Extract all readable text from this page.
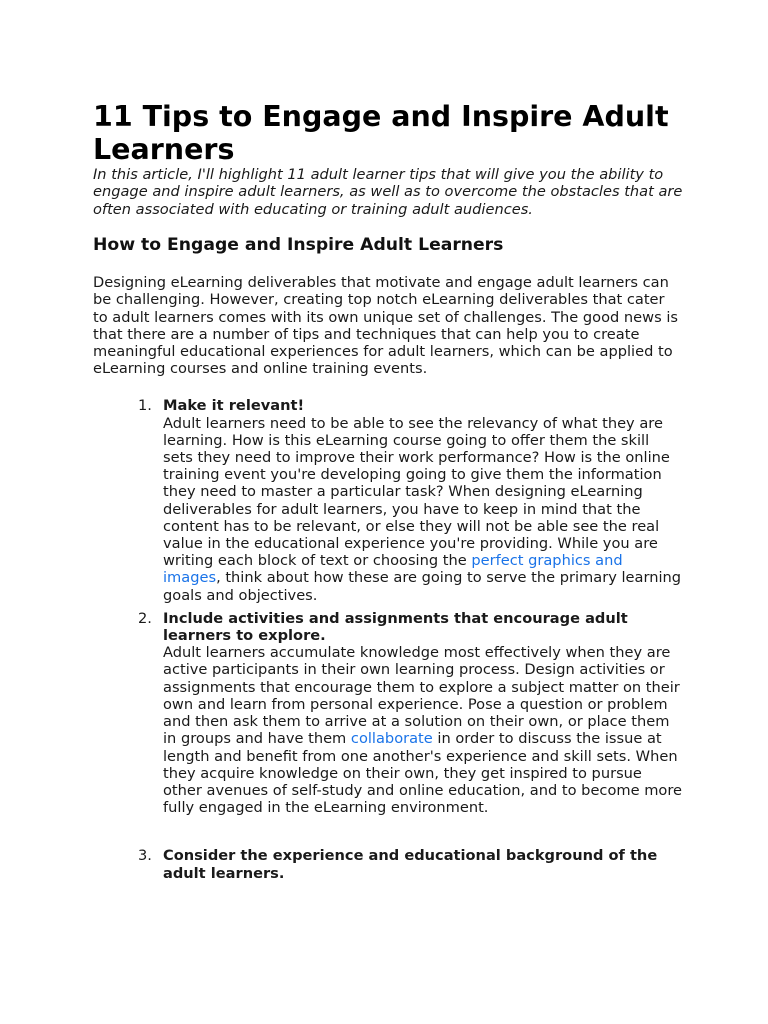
11 Tips to Engage and Inspire Adult Learners

In this article, I'll highlight 11 adult learner tips that will give you the ability to engage and inspire adult learners, as well as to overcome the obstacles that are often associated with educating or training adult audiences.

How to Engage and Inspire Adult Learners

Designing eLearning deliverables that motivate and engage adult learners can be challenging. However, creating top notch eLearning deliverables that cater to adult learners comes with its own unique set of challenges. The good news is that there are a number of tips and techniques that can help you to create meaningful educational experiences for adult learners, which can be applied to eLearning courses and online training events.

1. Make it relevant!
Adult learners need to be able to see the relevancy of what they are learning. How is this eLearning course going to offer them the skill sets they need to improve their work performance? How is the online training event you're developing going to give them the information they need to master a particular task? When designing eLearning deliverables for adult learners, you have to keep in mind that the content has to be relevant, or else they will not be able see the real value in the educational experience you're providing. While you are writing each block of text or choosing the perfect graphics and images, think about how these are going to serve the primary learning goals and objectives.
2. Include activities and assignments that encourage adult learners to explore.
Adult learners accumulate knowledge most effectively when they are active participants in their own learning process. Design activities or assignments that encourage them to explore a subject matter on their own and learn from personal experience. Pose a question or problem and then ask them to arrive at a solution on their own, or place them in groups and have them collaborate in order to discuss the issue at length and benefit from one another's experience and skill sets. When they acquire knowledge on their own, they get inspired to pursue other avenues of self-study and online education, and to become more fully engaged in the eLearning environment.
3. Consider the experience and educational background of the adult learners.
